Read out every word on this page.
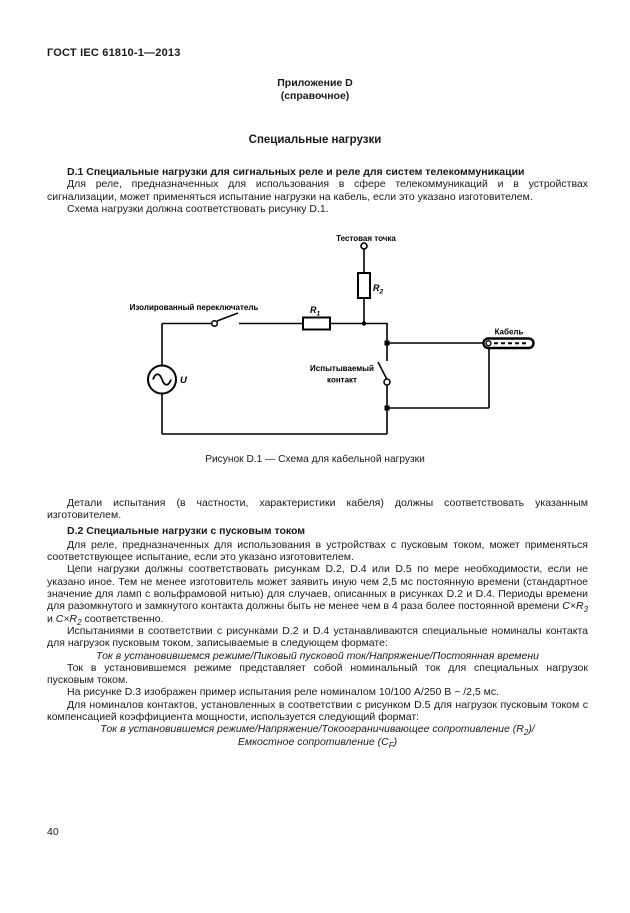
ГОСТ IEC 61810-1—2013
Приложение D
(справочное)
Специальные нагрузки

D.1 Специальные нагрузки для сигнальных реле и реле для систем телекоммуникации

Для реле, предназначенных для использования в сфере телекоммуникаций и в устройствах сигнализации, может применяться испытание нагрузки на кабель, если это указано изготовителем.

Схема нагрузки должна соответствовать рисунку D.1.

Тестовая точка
$R_2$
Изолированный переключатель	$R_1$
Испытываемый
контакт
U
Кабель
Рисунок D.1 — Схема для кабельной нагрузки

Детали испытания (в частности, характеристики кабеля) должны соответствовать указанным изготовителем.

D.2 Специальные нагрузки с пусковым током

Для реле, предназначенных для использования в устройствах с пусковым током, может применяться соответствующее испытание, если это указано изготовителем.

Цепи нагрузки должны соответствовать рисункам D.2, D.4 или D.5 по мере необходимости, если не указано иное. Тем не менее изготовитель может заявить иную чем 2,5 мс постоянную времени (стандартное значение для ламп с вольфрамовой нитью) для случаев, описанных в рисунках D.2 и D.4. Периоды времени для разомкнутого и замкнутого контакта должны быть не менее чем в 4 раза более постоянной времени $C\times R_3$ и $C\times R_2$ соответственно.

Испытаниями в соответствии с рисунками D.2 и D.4 устанавливаются специальные номиналы контакта для нагрузок пусковым током, записываемые в следующем формате:

Ток в установившемся режиме/Пиковый пусковой ток/Напряжение/Постоянная времени

Ток в установившемся режиме представляет собой номинальный ток для специальных нагрузок пусковым током.

На рисунке D.3 изображен пример испытания реле номиналом 10/100 А/250 В ~ /2,5 мс.

Для номиналов контактов, установленных в соответствии с рисунком D.5 для нагрузок пусковым током с компенсацией коэффициента мощности, используется следующий формат:

Ток в установившемся режиме/Напряжение/Токоограничивающее сопротивление $(R_2)$/Емкостное сопротивление $(C_F)$

40
